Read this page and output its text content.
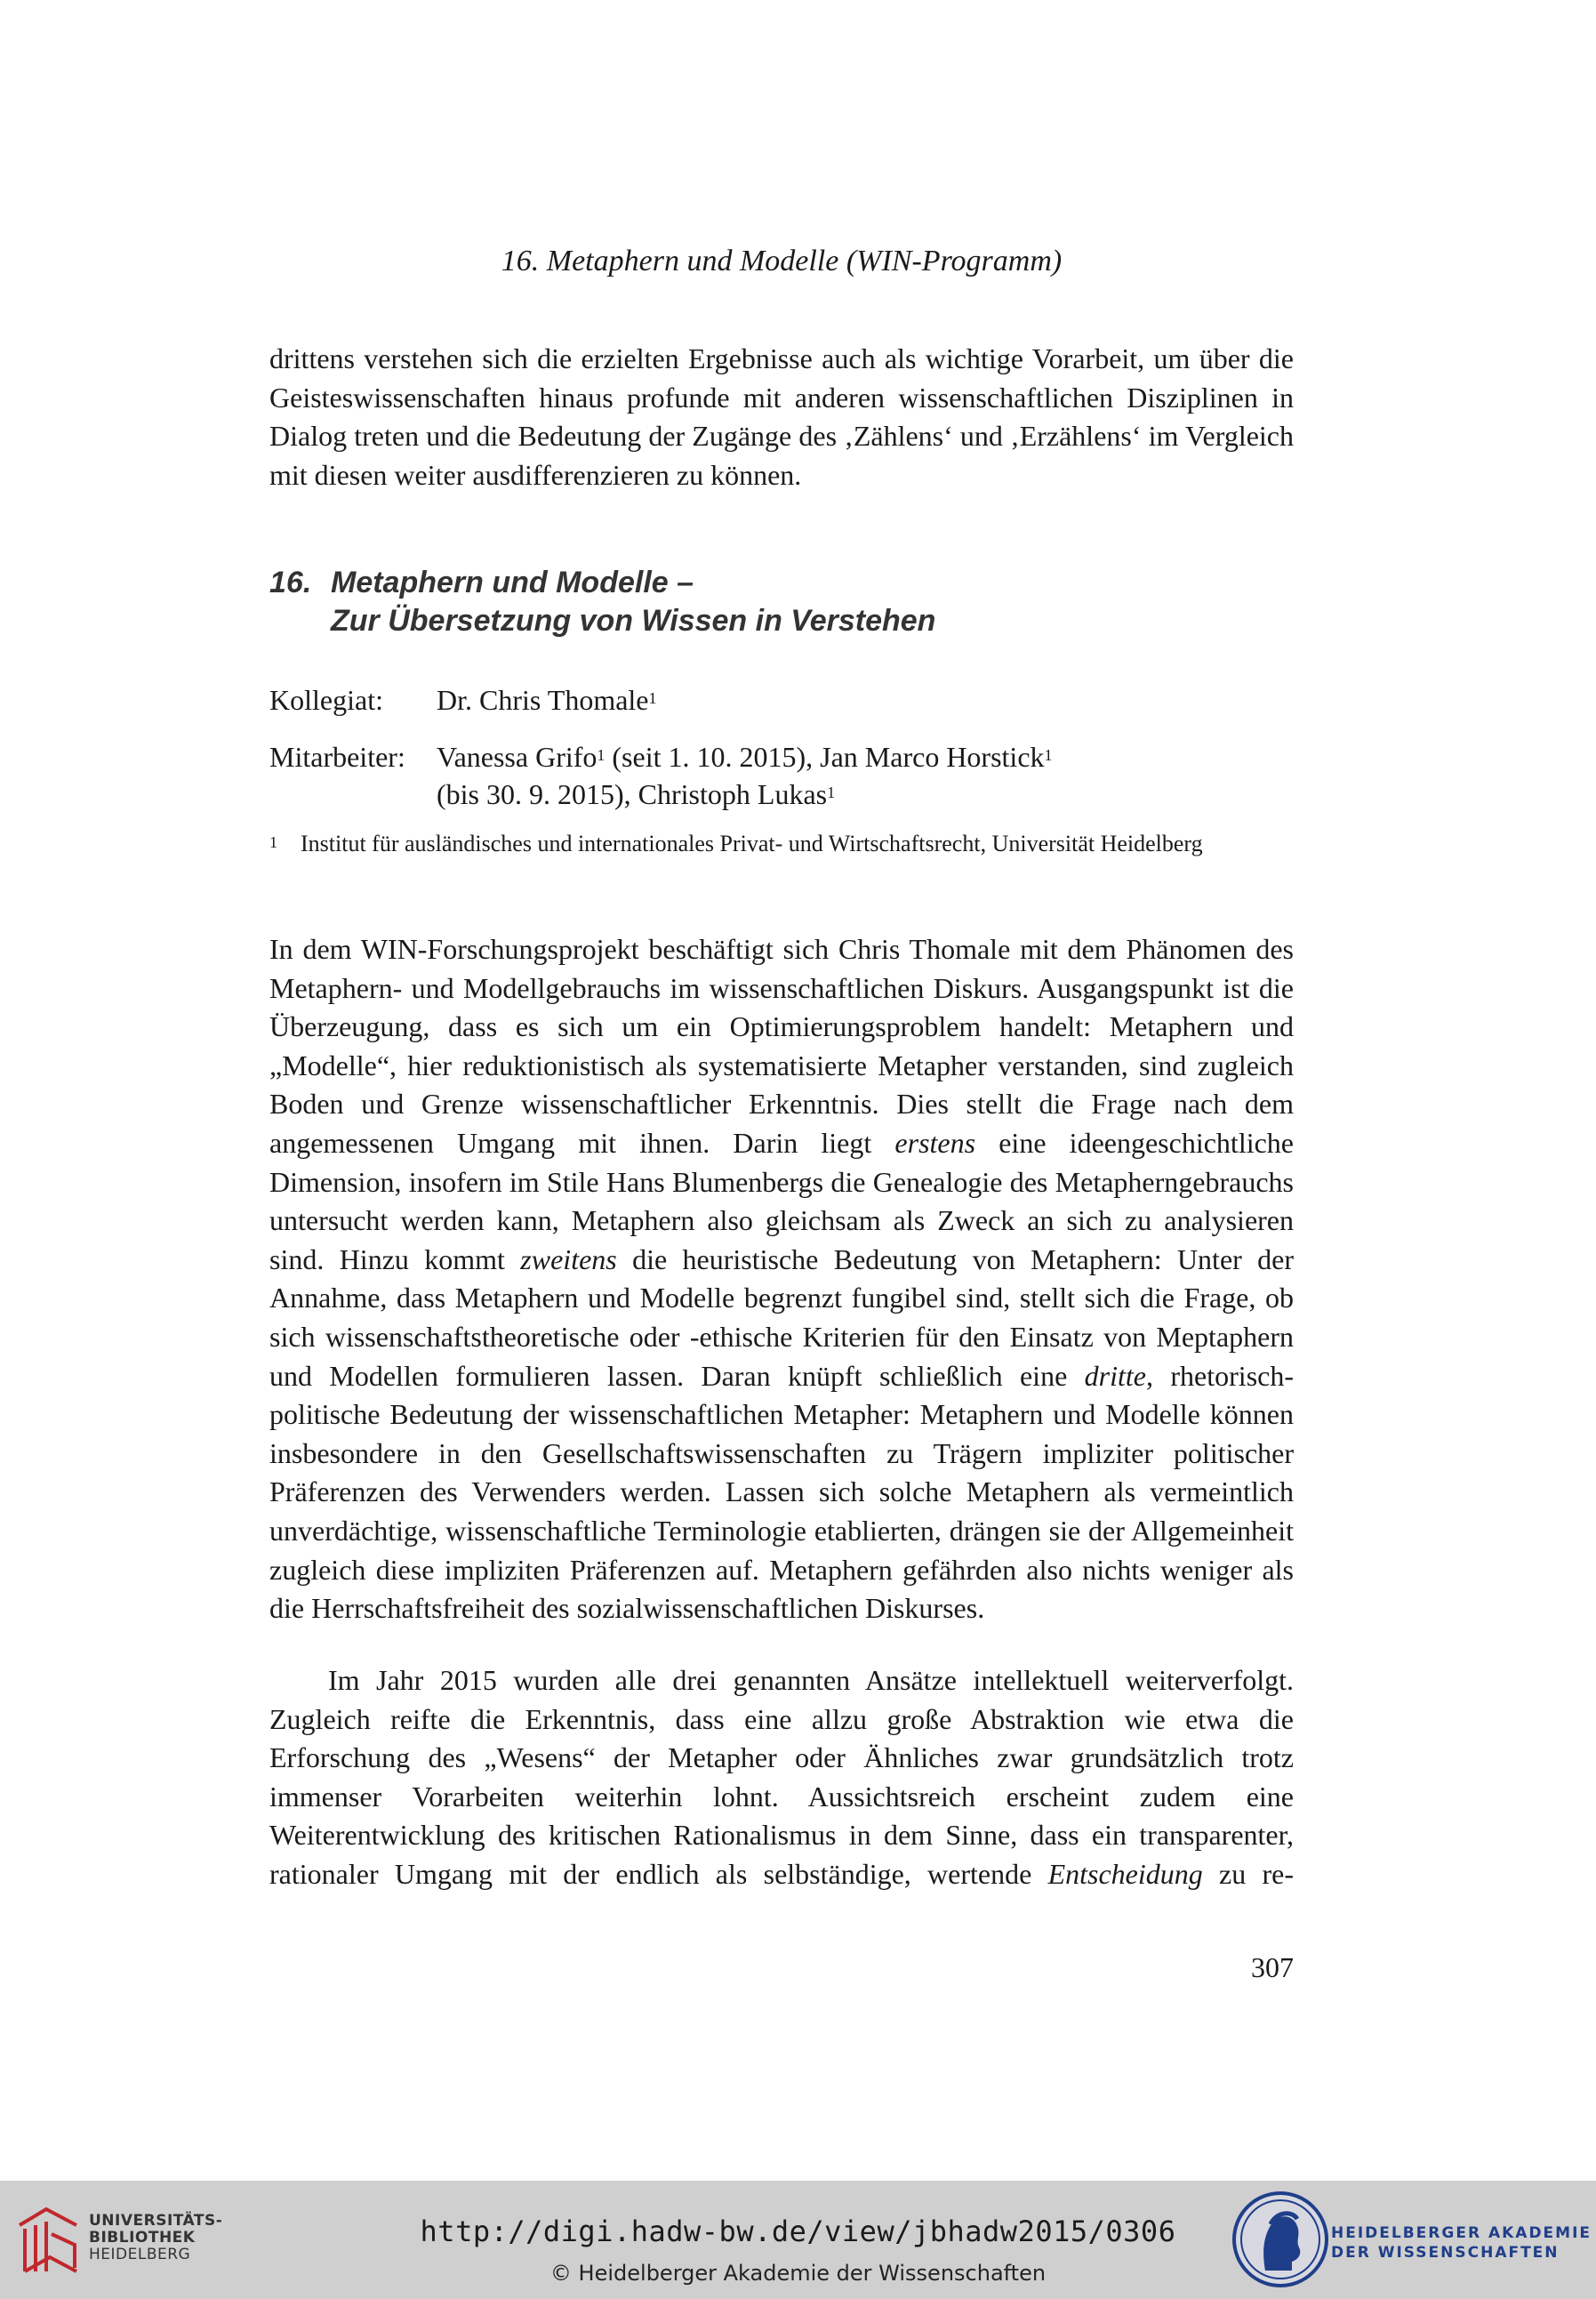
16. Metaphern und Modelle (WIN-Programm)

drittens verstehen sich die erzielten Ergebnisse auch als wichtige Vorarbeit, um über die Geisteswissenschaften hinaus profunde mit anderen wissenschaftlichen Disziplinen in Dialog treten und die Bedeutung der Zugänge des ‚Zählens‘ und ‚Erzählens‘ im Vergleich mit diesen weiter ausdifferenzieren zu können.

16. Metaphern und Modelle –
Zur Übersetzung von Wissen in Verstehen
Kollegiat: Dr. Chris Thomale$^1$
Mitarbeiter: Vanessa Grifo$^1$ (seit 1. 10. 2015), Jan Marco Horstick$^1$
(bis 30. 9. 2015), Christoph Lukas$^1$
1 Institut für ausländisches und internationales Privat- und Wirtschaftsrecht, Universität Heidelberg

In dem WIN-Forschungsprojekt beschäftigt sich Chris Thomale mit dem Phänomen des Metaphern- und Modellgebrauchs im wissenschaftlichen Diskurs. Ausgangspunkt ist die Überzeugung, dass es sich um ein Optimierungsproblem handelt: Metaphern und „Modelle“, hier reduktionistisch als systematisierte Metapher verstanden, sind zugleich Boden und Grenze wissenschaftlicher Erkenntnis. Dies stellt die Frage nach dem angemessenen Umgang mit ihnen. Darin liegt erstens eine ideengeschichtliche Dimension, insofern im Stile Hans Blumenbergs die Genealogie des Metapherngebrauchs untersucht werden kann, Metaphern also gleichsam als Zweck an sich zu analysieren sind. Hinzu kommt zweitens die heuristische Bedeutung von Metaphern: Unter der Annahme, dass Metaphern und Modelle begrenzt fungibel sind, stellt sich die Frage, ob sich wissenschaftstheoretische oder -ethische Kriterien für den Einsatz von Meptaphern und Modellen formulieren lassen. Daran knüpft schließlich eine dritte, rhetorisch-politische Bedeutung der wissenschaftlichen Metapher: Metaphern und Modelle können insbesondere in den Gesellschaftswissenschaften zu Trägern impliziter politischer Präferenzen des Verwenders werden. Lassen sich solche Metaphern als vermeintlich unverdächtige, wissenschaftliche Terminologie etablierten, drängen sie der Allgemeinheit zugleich diese impliziten Präferenzen auf. Metaphern gefährden also nichts weniger als die Herrschaftsfreiheit des sozialwissenschaftlichen Diskurses.

Im Jahr 2015 wurden alle drei genannten Ansätze intellektuell weiterverfolgt. Zugleich reifte die Erkenntnis, dass eine allzu große Abstraktion wie etwa die Erforschung des „Wesens“ der Metapher oder Ähnliches zwar grundsätzlich trotz immenser Vorarbeiten weiterhin lohnt. Aussichtsreich erscheint zudem eine Weiterentwicklung des kritischen Rationalismus in dem Sinne, dass ein transparenter, rationaler Umgang mit der endlich als selbständige, wertende Entscheidung zu re-

307
UNIVERSITÄTS-
BIBLIOTHEK
HEIDELBERG
http://digi.hadw-bw.de/view/jbhadw2015/0306
© Heidelberger Akademie der Wissenschaften
HEIDELBERGER AKADEMIE
DER WISSENSCHAFTEN
